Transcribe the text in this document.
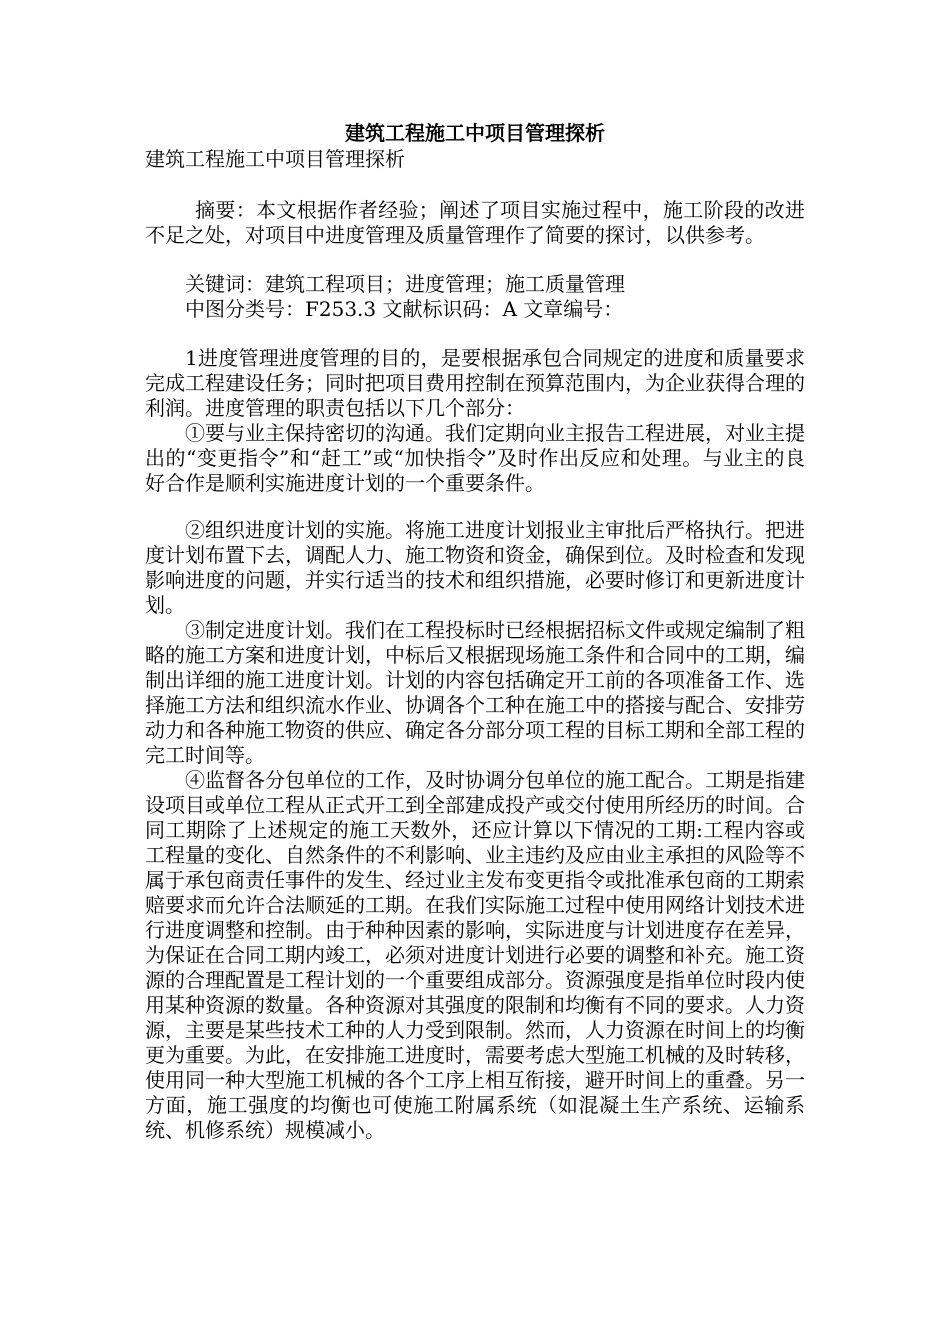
建筑工程施工中项目管理探析

建筑工程施工中项目管理探析

摘要：本文根据作者经验；阐述了项目实施过程中，施工阶段的改进不足之处，对项目中进度管理及质量管理作了简要的探讨，以供参考。

关键词：建筑工程项目；进度管理；施工质量管理

中图分类号：F253.3 文献标识码：A 文章编号：

1进度管理进度管理的目的，是要根据承包合同规定的进度和质量要求完成工程建设任务；同时把项目费用控制在预算范围内，为企业获得合理的利润。进度管理的职责包括以下几个部分：

①要与业主保持密切的沟通。我们定期向业主报告工程进展，对业主提出的“变更指令”和“赶工”或“加快指令”及时作出反应和处理。与业主的良好合作是顺利实施进度计划的一个重要条件。

②组织进度计划的实施。将施工进度计划报业主审批后严格执行。把进度计划布置下去，调配人力、施工物资和资金，确保到位。及时检查和发现影响进度的问题，并实行适当的技术和组织措施，必要时修订和更新进度计划。

③制定进度计划。我们在工程投标时已经根据招标文件或规定编制了粗略的施工方案和进度计划，中标后又根据现场施工条件和合同中的工期，编制出详细的施工进度计划。计划的内容包括确定开工前的各项准备工作、选择施工方法和组织流水作业、协调各个工种在施工中的搭接与配合、安排劳动力和各种施工物资的供应、确定各分部分项工程的目标工期和全部工程的完工时间等。

④监督各分包单位的工作，及时协调分包单位的施工配合。工期是指建设项目或单位工程从正式开工到全部建成投产或交付使用所经历的时间。合同工期除了上述规定的施工天数外，还应计算以下情况的工期:工程内容或工程量的变化、自然条件的不利影响、业主违约及应由业主承担的风险等不属于承包商责任事件的发生、经过业主发布变更指令或批准承包商的工期索赔要求而允许合法顺延的工期。在我们实际施工过程中使用网络计划技术进行进度调整和控制。由于种种因素的影响，实际进度与计划进度存在差异，为保证在合同工期内竣工，必须对进度计划进行必要的调整和补充。施工资源的合理配置是工程计划的一个重要组成部分。资源强度是指单位时段内使用某种资源的数量。各种资源对其强度的限制和均衡有不同的要求。人力资源，主要是某些技术工种的人力受到限制。然而，人力资源在时间上的均衡更为重要。为此，在安排施工进度时，需要考虑大型施工机械的及时转移，使用同一种大型施工机械的各个工序上相互衔接，避开时间上的重叠。另一方面，施工强度的均衡也可使施工附属系统（如混凝土生产系统、运输系统、机修系统）规模减小。
